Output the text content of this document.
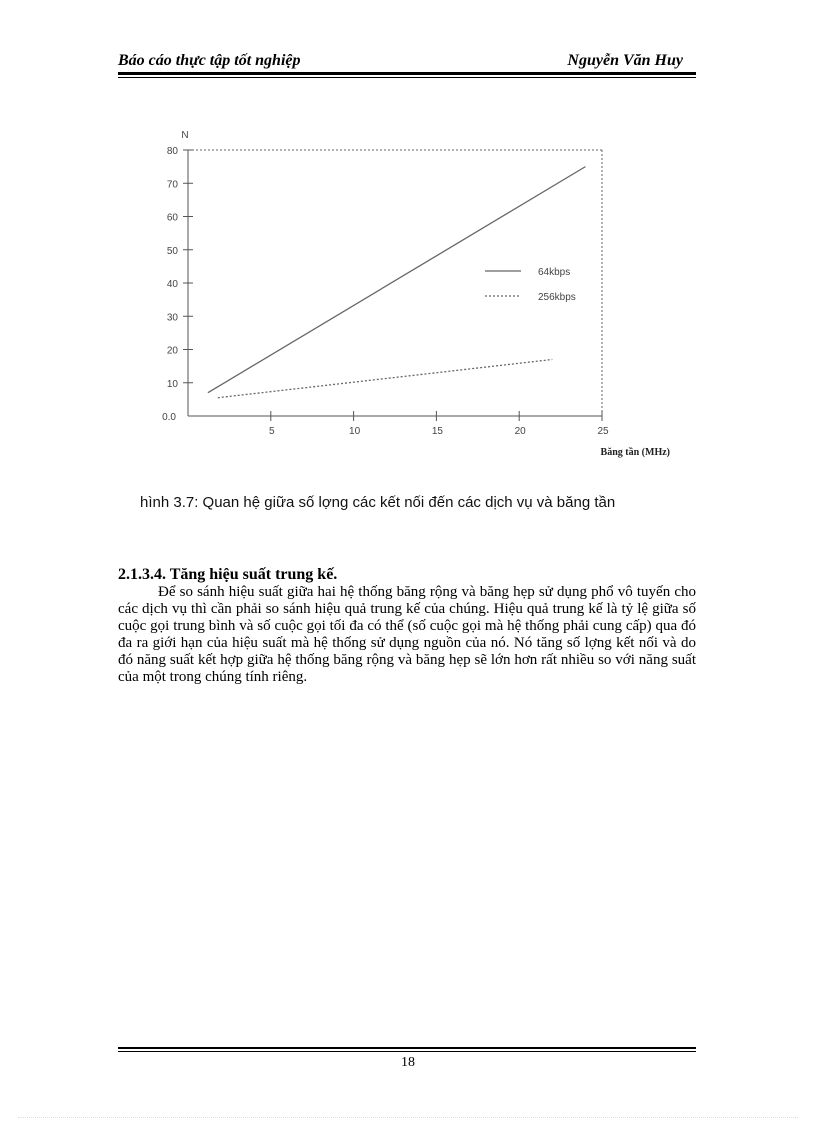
Báo cáo thực tập tốt nghiệp	Nguyễn Văn Huy
N
0.0
10
20
30
40
50
60
70
80
5	10	15	20	25
Băng tần (MHz)
64kbps
256kbps
hình 3.7: Quan hệ giữa số lợng các kết nối đến các dịch vụ và băng tần
2.1.3.4. Tăng hiệu suất trung kế.
Để so sánh hiệu suất giữa hai hệ thống băng rộng và băng hẹp sử dụng phổ vô tuyến cho các dịch vụ thì cần phải so sánh hiệu quả trung kế của chúng. Hiệu quả trung kế là tỷ lệ giữa số cuộc gọi trung bình và số cuộc gọi tối đa có thể (số cuộc gọi mà hệ thống phải cung cấp) qua đó đa ra giới hạn của hiệu suất mà hệ thống sử dụng nguồn của nó. Nó tăng số lợng kết nối và do đó năng suất kết hợp giữa hệ thống băng rộng và băng hẹp sẽ lớn hơn rất nhiều so với năng suất của một trong chúng tính riêng.
18
